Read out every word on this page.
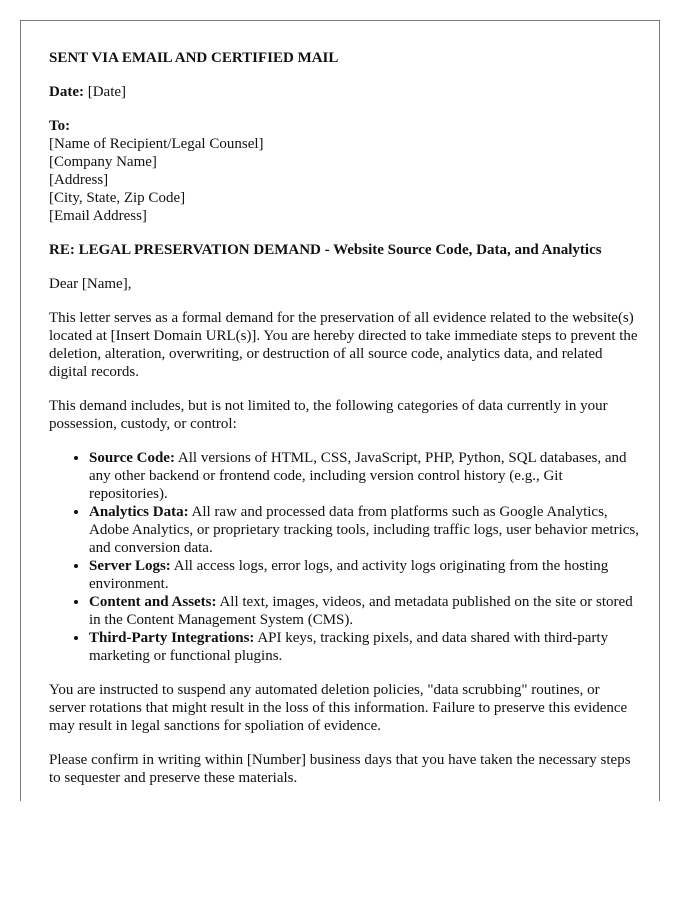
SENT VIA EMAIL AND CERTIFIED MAIL
Date: [Date]
To:
[Name of Recipient/Legal Counsel]
[Company Name]
[Address]
[City, State, Zip Code]
[Email Address]
RE: LEGAL PRESERVATION DEMAND - Website Source Code, Data, and Analytics
Dear [Name],
This letter serves as a formal demand for the preservation of all evidence related to the website(s) located at [Insert Domain URL(s)]. You are hereby directed to take immediate steps to prevent the deletion, alteration, overwriting, or destruction of all source code, analytics data, and related digital records.
This demand includes, but is not limited to, the following categories of data currently in your possession, custody, or control:
• Source Code: All versions of HTML, CSS, JavaScript, PHP, Python, SQL databases, and any other backend or frontend code, including version control history (e.g., Git repositories).
• Analytics Data: All raw and processed data from platforms such as Google Analytics, Adobe Analytics, or proprietary tracking tools, including traffic logs, user behavior metrics, and conversion data.
• Server Logs: All access logs, error logs, and activity logs originating from the hosting environment.
• Content and Assets: All text, images, videos, and metadata published on the site or stored in the Content Management System (CMS).
• Third-Party Integrations: API keys, tracking pixels, and data shared with third-party marketing or functional plugins.
You are instructed to suspend any automated deletion policies, "data scrubbing" routines, or server rotations that might result in the loss of this information. Failure to preserve this evidence may result in legal sanctions for spoliation of evidence.
Please confirm in writing within [Number] business days that you have taken the necessary steps to sequester and preserve these materials.
